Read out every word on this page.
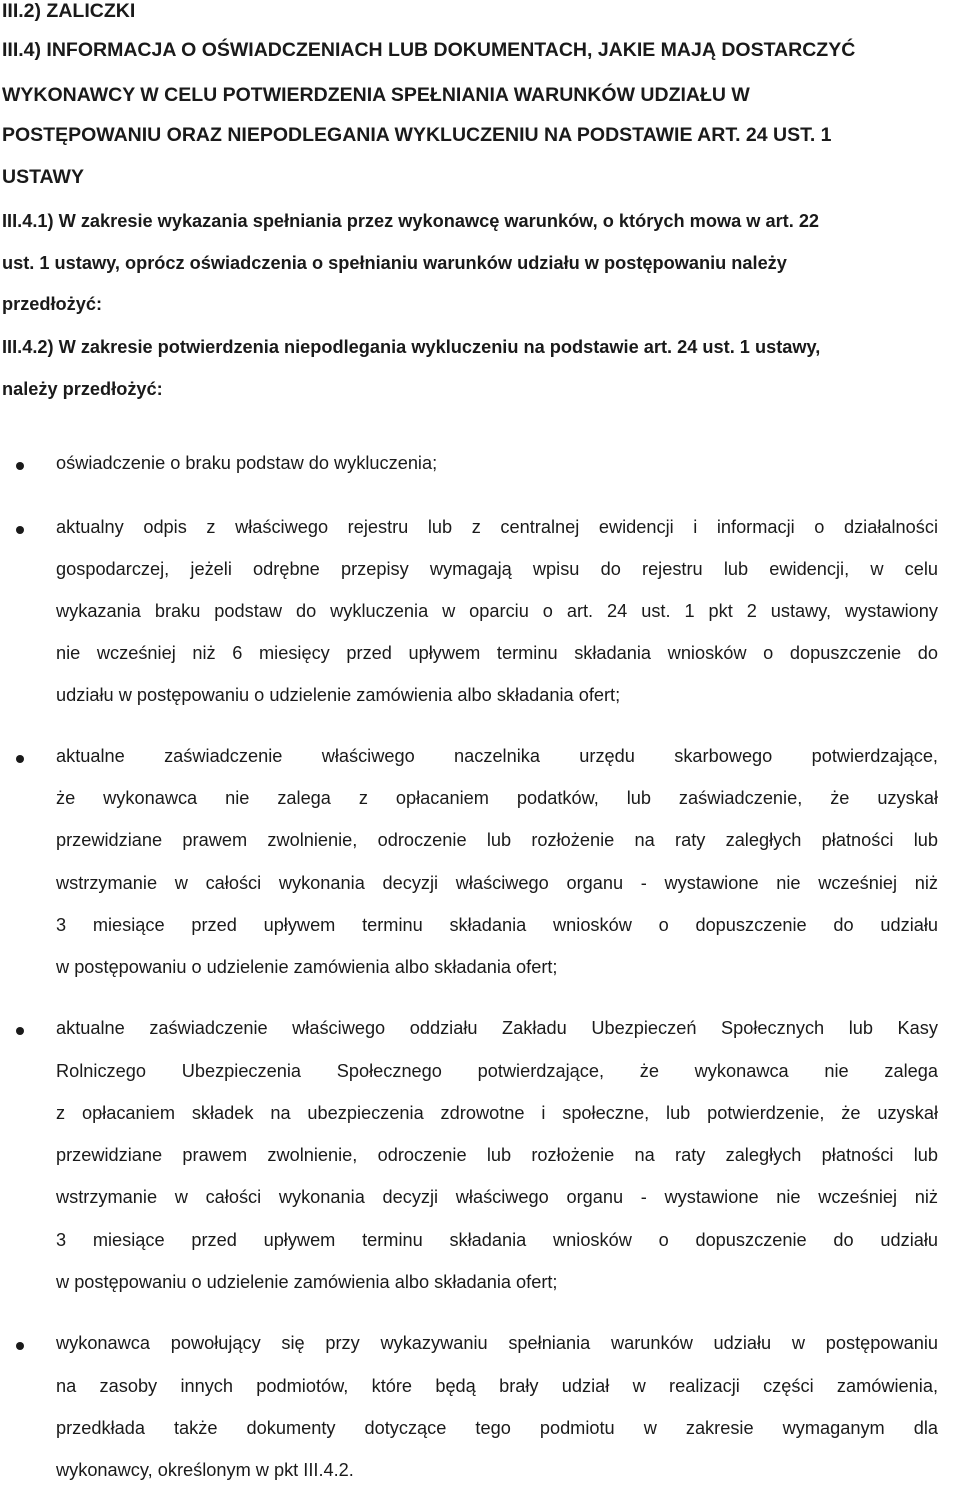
III.2) ZALICZKI

III.4) INFORMACJA O OŚWIADCZENIACH LUB DOKUMENTACH, JAKIE MAJĄ DOSTARCZYĆ

WYKONAWCY W CELU POTWIERDZENIA SPEŁNIANIA WARUNKÓW UDZIAŁU W

POSTĘPOWANIU ORAZ NIEPODLEGANIA WYKLUCZENIU NA PODSTAWIE ART. 24 UST. 1

USTAWY

III.4.1) W zakresie wykazania spełniania przez wykonawcę warunków, o których mowa w art. 22

ust. 1 ustawy, oprócz oświadczenia o spełnianiu warunków udziału w postępowaniu należy

przedłożyć:

III.4.2) W zakresie potwierdzenia niepodlegania wykluczeniu na podstawie art. 24 ust. 1 ustawy,

należy przedłożyć:

oświadczenie o braku podstaw do wykluczenia;

aktualny odpis z właściwego rejestru lub z centralnej ewidencji i informacji o działalności

gospodarczej, jeżeli odrębne przepisy wymagają wpisu do rejestru lub ewidencji, w celu

wykazania braku podstaw do wykluczenia w oparciu o art. 24 ust. 1 pkt 2 ustawy, wystawiony

nie wcześniej niż 6 miesięcy przed upływem terminu składania wniosków o dopuszczenie do

udziału w postępowaniu o udzielenie zamówienia albo składania ofert;

aktualne zaświadczenie właściwego naczelnika urzędu skarbowego potwierdzające,

że wykonawca nie zalega z opłacaniem podatków, lub zaświadczenie, że uzyskał

przewidziane prawem zwolnienie, odroczenie lub rozłożenie na raty zaległych płatności lub

wstrzymanie w całości wykonania decyzji właściwego organu - wystawione nie wcześniej niż

3 miesiące przed upływem terminu składania wniosków o dopuszczenie do udziału

w postępowaniu o udzielenie zamówienia albo składania ofert;

aktualne zaświadczenie właściwego oddziału Zakładu Ubezpieczeń Społecznych lub Kasy

Rolniczego Ubezpieczenia Społecznego potwierdzające, że wykonawca nie zalega

z opłacaniem składek na ubezpieczenia zdrowotne i społeczne, lub potwierdzenie, że uzyskał

przewidziane prawem zwolnienie, odroczenie lub rozłożenie na raty zaległych płatności lub

wstrzymanie w całości wykonania decyzji właściwego organu - wystawione nie wcześniej niż

3 miesiące przed upływem terminu składania wniosków o dopuszczenie do udziału

w postępowaniu o udzielenie zamówienia albo składania ofert;

wykonawca powołujący się przy wykazywaniu spełniania warunków udziału w postępowaniu

na zasoby innych podmiotów, które będą brały udział w realizacji części zamówienia,

przedkłada także dokumenty dotyczące tego podmiotu w zakresie wymaganym dla

wykonawcy, określonym w pkt III.4.2.
